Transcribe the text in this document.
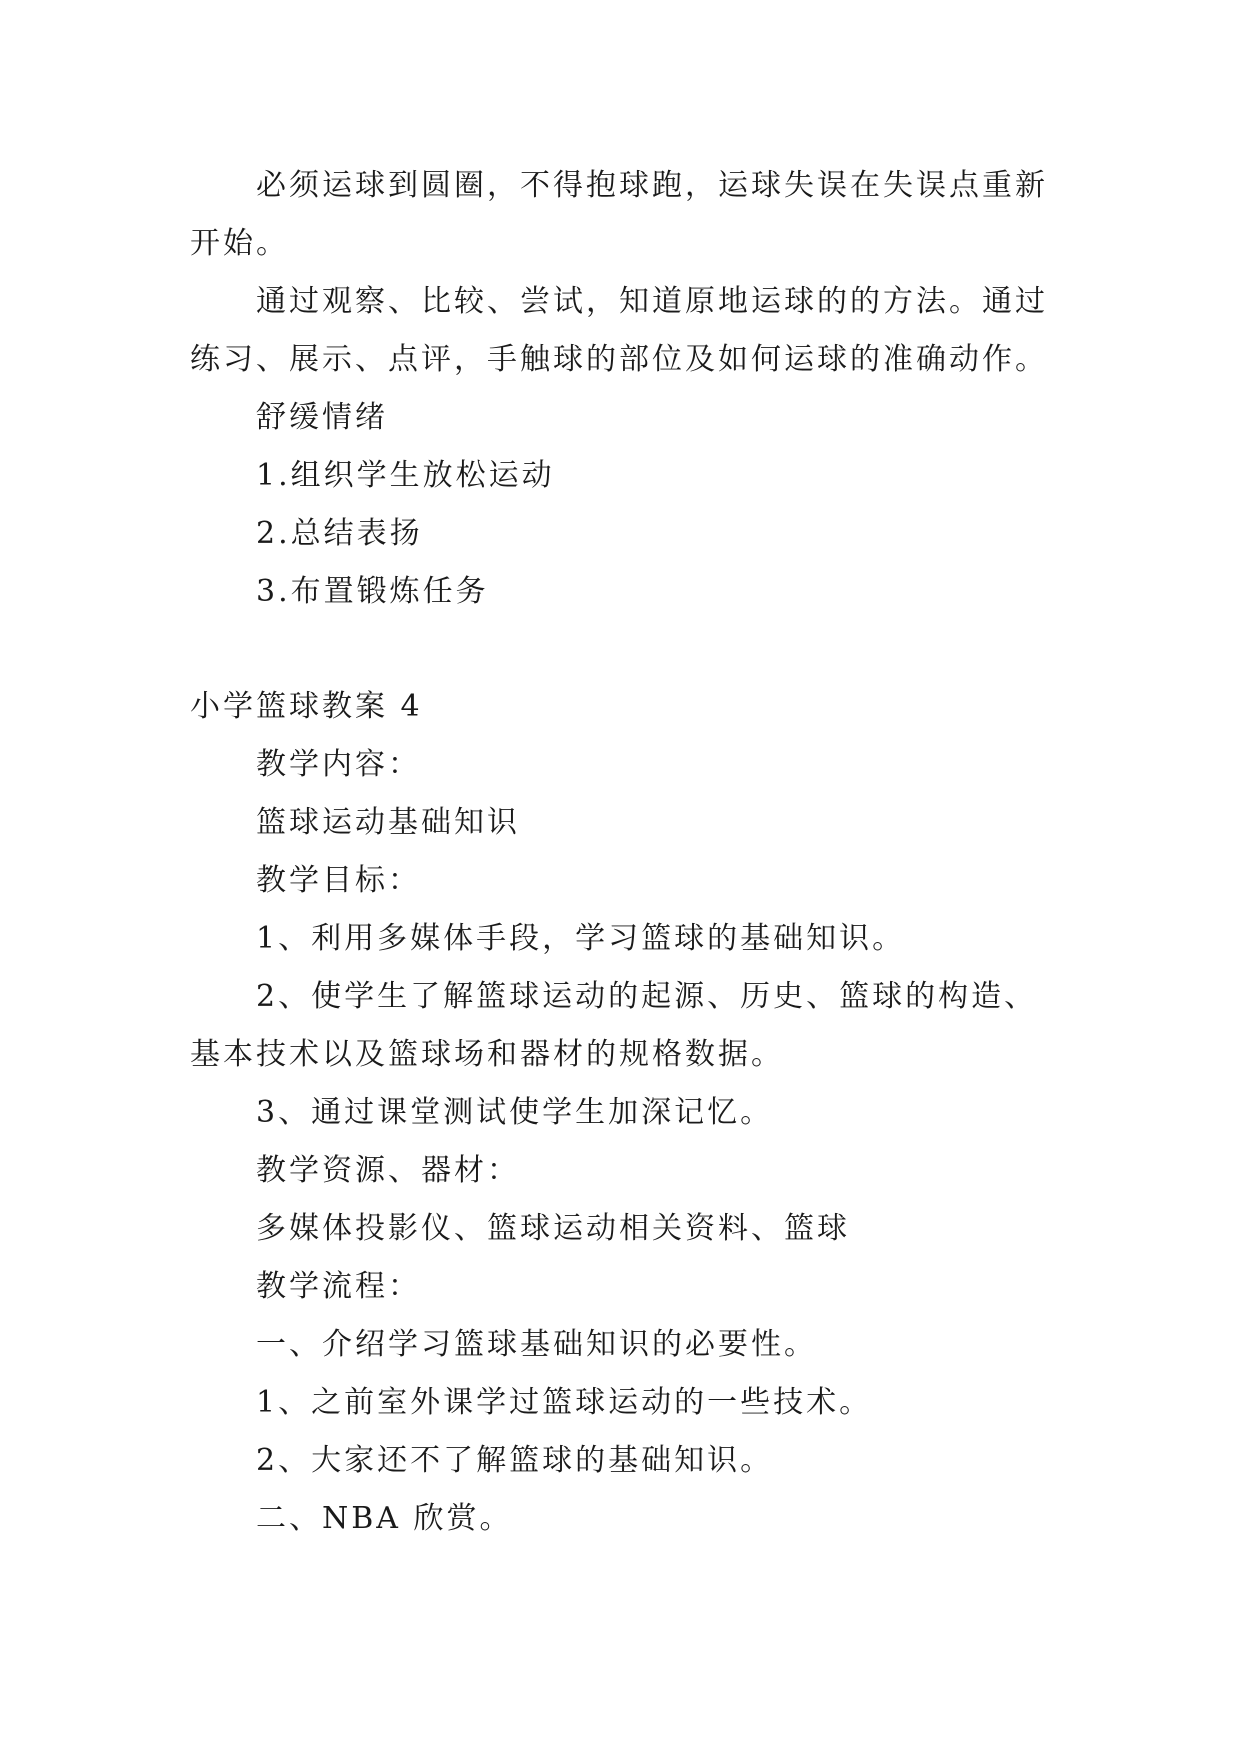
必须运球到圆圈，不得抱球跑，运球失误在失误点重新
开始。
通过观察、比较、尝试，知道原地运球的的方法。通过
练习、展示、点评，手触球的部位及如何运球的准确动作。
舒缓情绪
1.组织学生放松运动
2.总结表扬
3.布置锻炼任务
小学篮球教案 4
教学内容：
篮球运动基础知识
教学目标：
1、利用多媒体手段，学习篮球的基础知识。
2、使学生了解篮球运动的起源、历史、篮球的构造、
基本技术以及篮球场和器材的规格数据。
3、通过课堂测试使学生加深记忆。
教学资源、器材：
多媒体投影仪、篮球运动相关资料、篮球
教学流程：
一、介绍学习篮球基础知识的必要性。
1、之前室外课学过篮球运动的一些技术。
2、大家还不了解篮球的基础知识。
二、NBA 欣赏。
